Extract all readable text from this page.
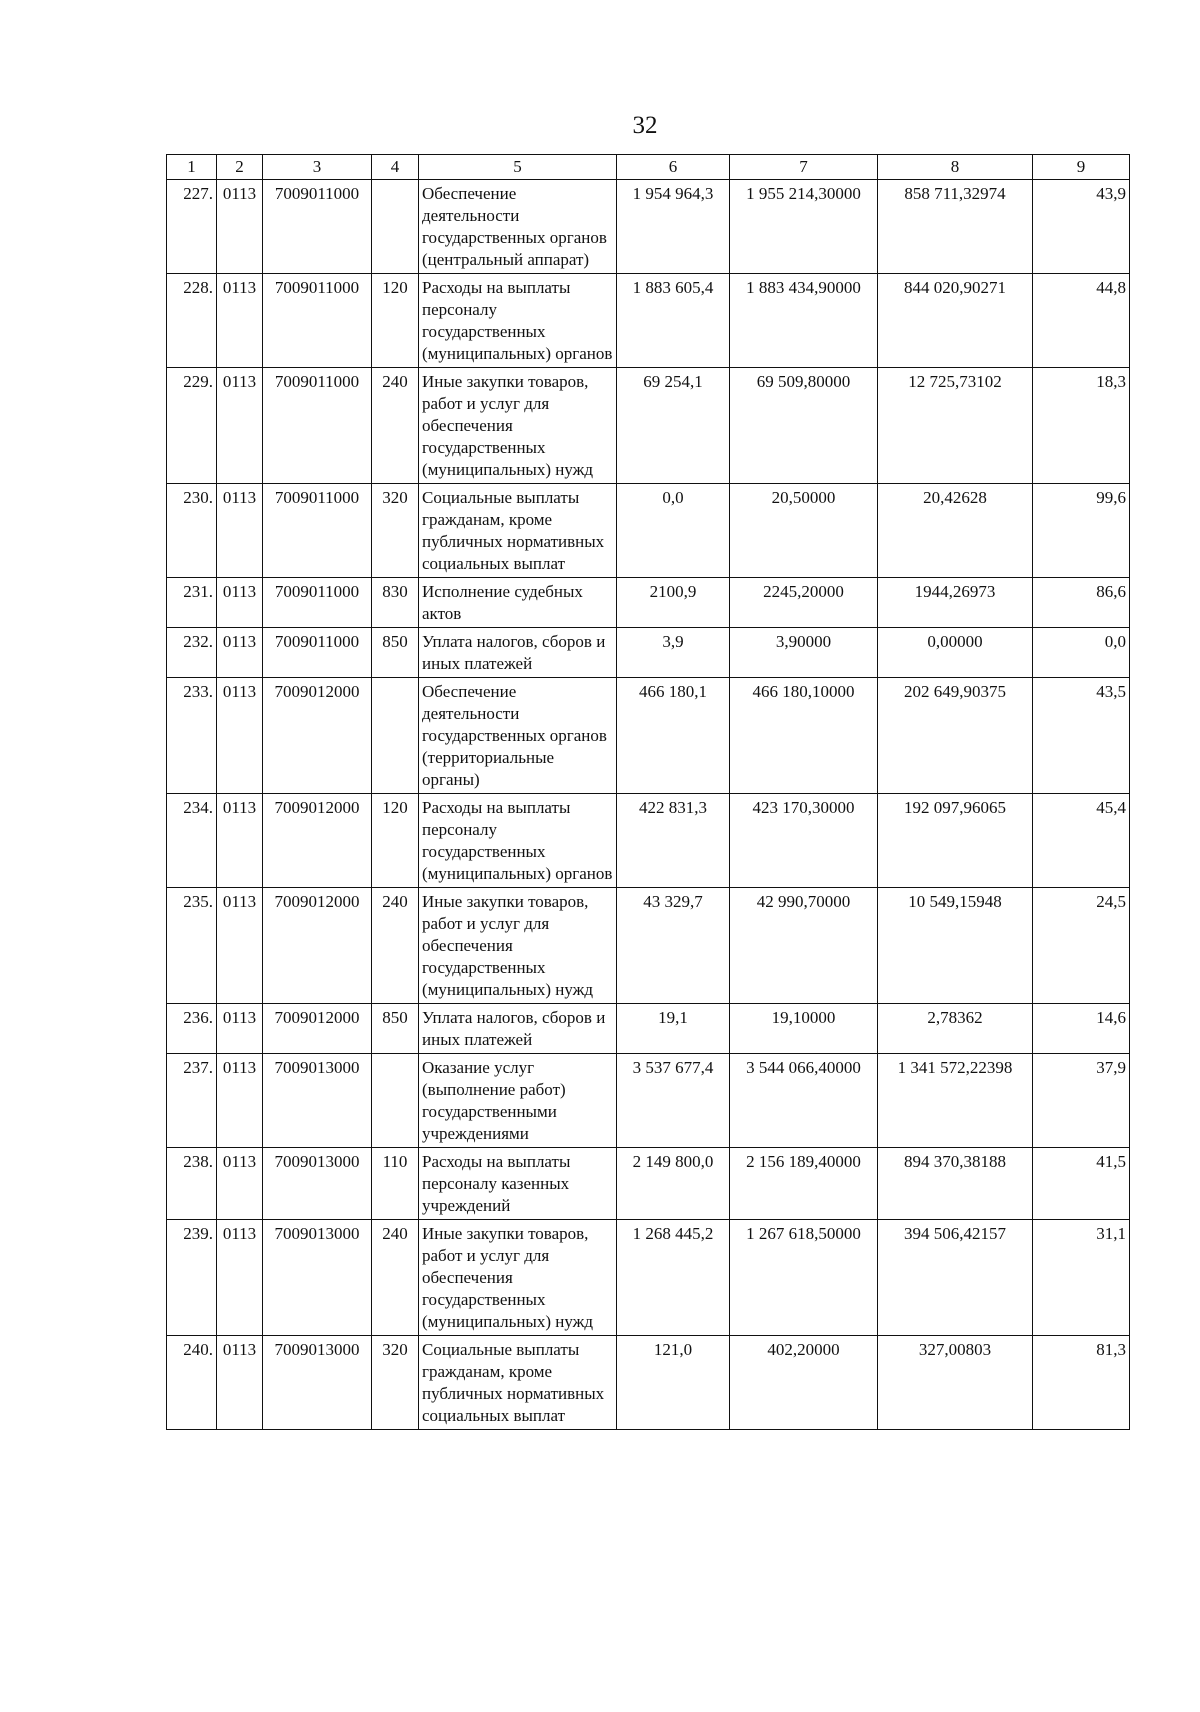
32
1	2	3	4	5	6	7	8	9
227.	0113	7009011000		Обеспечение деятельности государственных органов (центральный аппарат)	1 954 964,3	1 955 214,30000	858 711,32974	43,9
228.	0113	7009011000	120	Расходы на выплаты персоналу государственных (муниципальных) органов	1 883 605,4	1 883 434,90000	844 020,90271	44,8
229.	0113	7009011000	240	Иные закупки товаров, работ и услуг для обеспечения государственных (муниципальных) нужд	69 254,1	69 509,80000	12 725,73102	18,3
230.	0113	7009011000	320	Социальные выплаты гражданам, кроме публичных нормативных социальных выплат	0,0	20,50000	20,42628	99,6
231.	0113	7009011000	830	Исполнение судебных актов	2100,9	2245,20000	1944,26973	86,6
232.	0113	7009011000	850	Уплата налогов, сборов и иных платежей	3,9	3,90000	0,00000	0,0
233.	0113	7009012000		Обеспечение деятельности государственных органов (территориальные органы)	466 180,1	466 180,10000	202 649,90375	43,5
234.	0113	7009012000	120	Расходы на выплаты персоналу государственных (муниципальных) органов	422 831,3	423 170,30000	192 097,96065	45,4
235.	0113	7009012000	240	Иные закупки товаров, работ и услуг для обеспечения государственных (муниципальных) нужд	43 329,7	42 990,70000	10 549,15948	24,5
236.	0113	7009012000	850	Уплата налогов, сборов и иных платежей	19,1	19,10000	2,78362	14,6
237.	0113	7009013000		Оказание услуг (выполнение работ) государственными учреждениями	3 537 677,4	3 544 066,40000	1 341 572,22398	37,9
238.	0113	7009013000	110	Расходы на выплаты персоналу казенных учреждений	2 149 800,0	2 156 189,40000	894 370,38188	41,5
239.	0113	7009013000	240	Иные закупки товаров, работ и услуг для обеспечения государственных (муниципальных) нужд	1 268 445,2	1 267 618,50000	394 506,42157	31,1
240.	0113	7009013000	320	Социальные выплаты гражданам, кроме публичных нормативных социальных выплат	121,0	402,20000	327,00803	81,3
